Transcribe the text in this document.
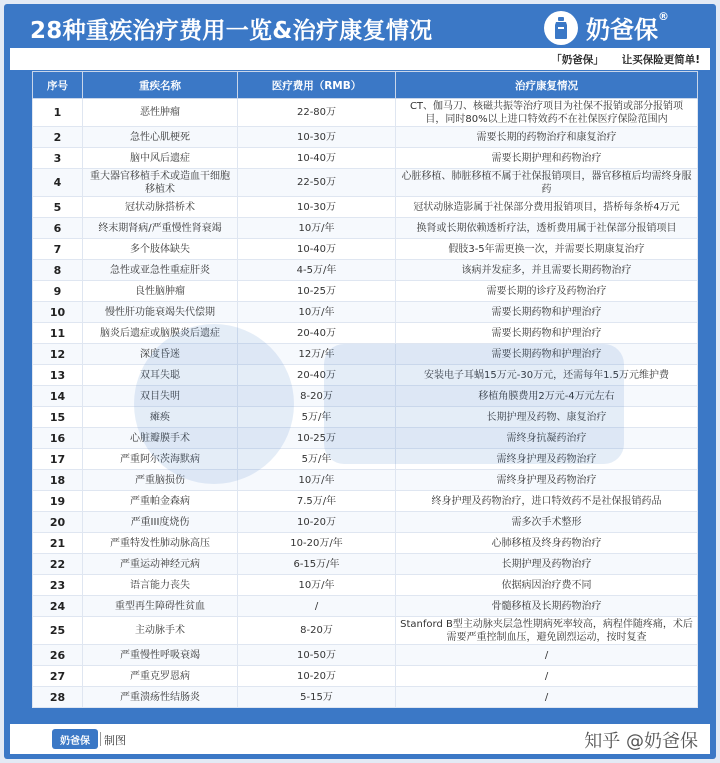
28种重疾治疗费用一览&治疗康复情况	奶爸保®
「奶爸保」 让买保险更简单!
序号	重疾名称	医疗费用（RMB）	治疗康复情况
1	恶性肿瘤	22-80万	CT、伽马刀、核磁共振等治疗项目为社保不报销或部分报销项目，同时80%以上进口特效药不在社保医疗保险范围内
2	急性心肌梗死	10-30万	需要长期的药物治疗和康复治疗
3	脑中风后遗症	10-40万	需要长期护理和药物治疗
4	重大器官移植手术或造血干细胞移植术	22-50万	心脏移植、肺脏移植不属于社保报销项目，器官移植后均需终身服药
5	冠状动脉搭桥术	10-30万	冠状动脉造影属于社保部分费用报销项目，搭桥每条桥4万元
6	终末期肾病/严重慢性肾衰竭	10万/年	换肾或长期依赖透析疗法，透析费用属于社保部分报销项目
7	多个肢体缺失	10-40万	假肢3-5年需更换一次，并需要长期康复治疗
8	急性或亚急性重症肝炎	4-5万/年	该病并发症多，并且需要长期药物治疗
9	良性脑肿瘤	10-25万	需要长期的诊疗及药物治疗
10	慢性肝功能衰竭失代偿期	10万/年	需要长期药物和护理治疗
11	脑炎后遗症或脑膜炎后遗症	20-40万	需要长期药物和护理治疗
12	深度昏迷	12万/年	需要长期药物和护理治疗
13	双耳失聪	20-40万	安装电子耳蜗15万元-30万元，还需每年1.5万元维护费
14	双目失明	8-20万	移植角膜费用2万元-4万元左右
15	瘫痪	5万/年	长期护理及药物、康复治疗
16	心脏瓣膜手术	10-25万	需终身抗凝药治疗
17	严重阿尔茨海默病	5万/年	需终身护理及药物治疗
18	严重脑损伤	10万/年	需终身护理及药物治疗
19	严重帕金森病	7.5万/年	终身护理及药物治疗，进口特效药不是社保报销药品
20	严重III度烧伤	10-20万	需多次手术整形
21	严重特发性肺动脉高压	10-20万/年	心肺移植及终身药物治疗
22	严重运动神经元病	6-15万/年	长期护理及药物治疗
23	语言能力丧失	10万/年	依据病因治疗费不同
24	重型再生障碍性贫血	/	骨髓移植及长期药物治疗
25	主动脉手术	8-20万	Stanford B型主动脉夹层急性期病死率较高，病程伴随疼痛，术后需要严重控制血压，避免剧烈运动，按时复查
26	严重慢性呼吸衰竭	10-50万	/
27	严重克罗恩病	10-20万	/
28	严重溃疡性结肠炎	5-15万	/
奶爸保	制图	知乎 @奶爸保
